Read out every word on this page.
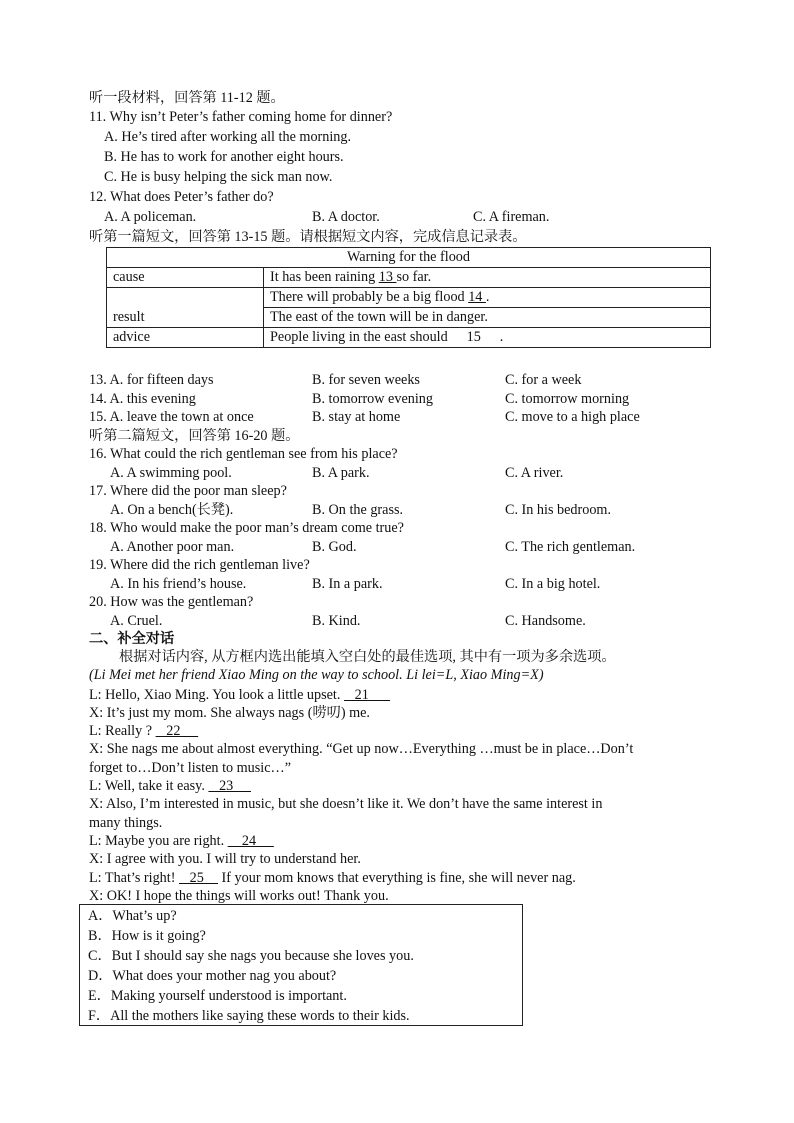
听一段材料，回答第 11-12 题。
11. Why isn’t Peter’s father coming home for dinner?
A. He’s tired after working all the morning.
B. He has to work for another eight hours.
C. He is busy helping the sick man now.
12. What does Peter’s father do?
A. A policeman.	B. A doctor.	C. A fireman.
听第一篇短文，回答第 13-15 题。请根据短文内容，完成信息记录表。
Warning for the flood	
cause	It has been raining 13 so far.
	There will probably be a big flood 14 .
result	The east of the town will be in danger.
advice	People living in the east should 15 .
13. A. for fifteen days	B. for seven weeks	C. for a week
14. A. this evening	B. tomorrow evening	C. tomorrow morning
15. A. leave the town at once	B. stay at home	C. move to a high place
听第二篇短文，回答第 16-20 题。
16. What could the rich gentleman see from his place?
A. A swimming pool.	B. A park.	C. A river.
17. Where did the poor man sleep?
A. On a bench(长凳).	B. On the grass.	C. In his bedroom.
18. Who would make the poor man’s dream come true?
A. Another poor man.	B. God.	C. The rich gentleman.
19. Where did the rich gentleman live?
A. In his friend’s house.	B. In a park.	C. In a big hotel.
20. How was the gentleman?
A. Cruel.	B. Kind.	C. Handsome.
二、补全对话
根据对话内容, 从方框内选出能填入空白处的最佳选项, 其中有一项为多余选项。
(Li Mei met her friend Xiao Ming on the way to school. Li lei=L, Xiao Ming=X)
L: Hello, Xiao Ming. You look a little upset.    21
X: It’s just my mom. She always nags (唠叨) me.
L: Really ?    22
X: She nags me about almost everything. “Get up now…Everything …must be in place…Don’t
forget to…Don’t listen to music…”
L: Well, take it easy.    23
X: Also, I’m interested in music, but she doesn’t like it. We don’t have the same interest in
many things.
L: Maybe you are right.     24
X: I agree with you. I will try to understand her.
L: That’s right!    25     If your mom knows that everything is fine, she will never nag.
X: OK! I hope the things will works out! Thank you.
A．What’s up?
B．How is it going?
C．But I should say she nags you because she loves you.
D．What does your mother nag you about?
E．Making yourself understood is important.
F．All the mothers like saying these words to their kids.
